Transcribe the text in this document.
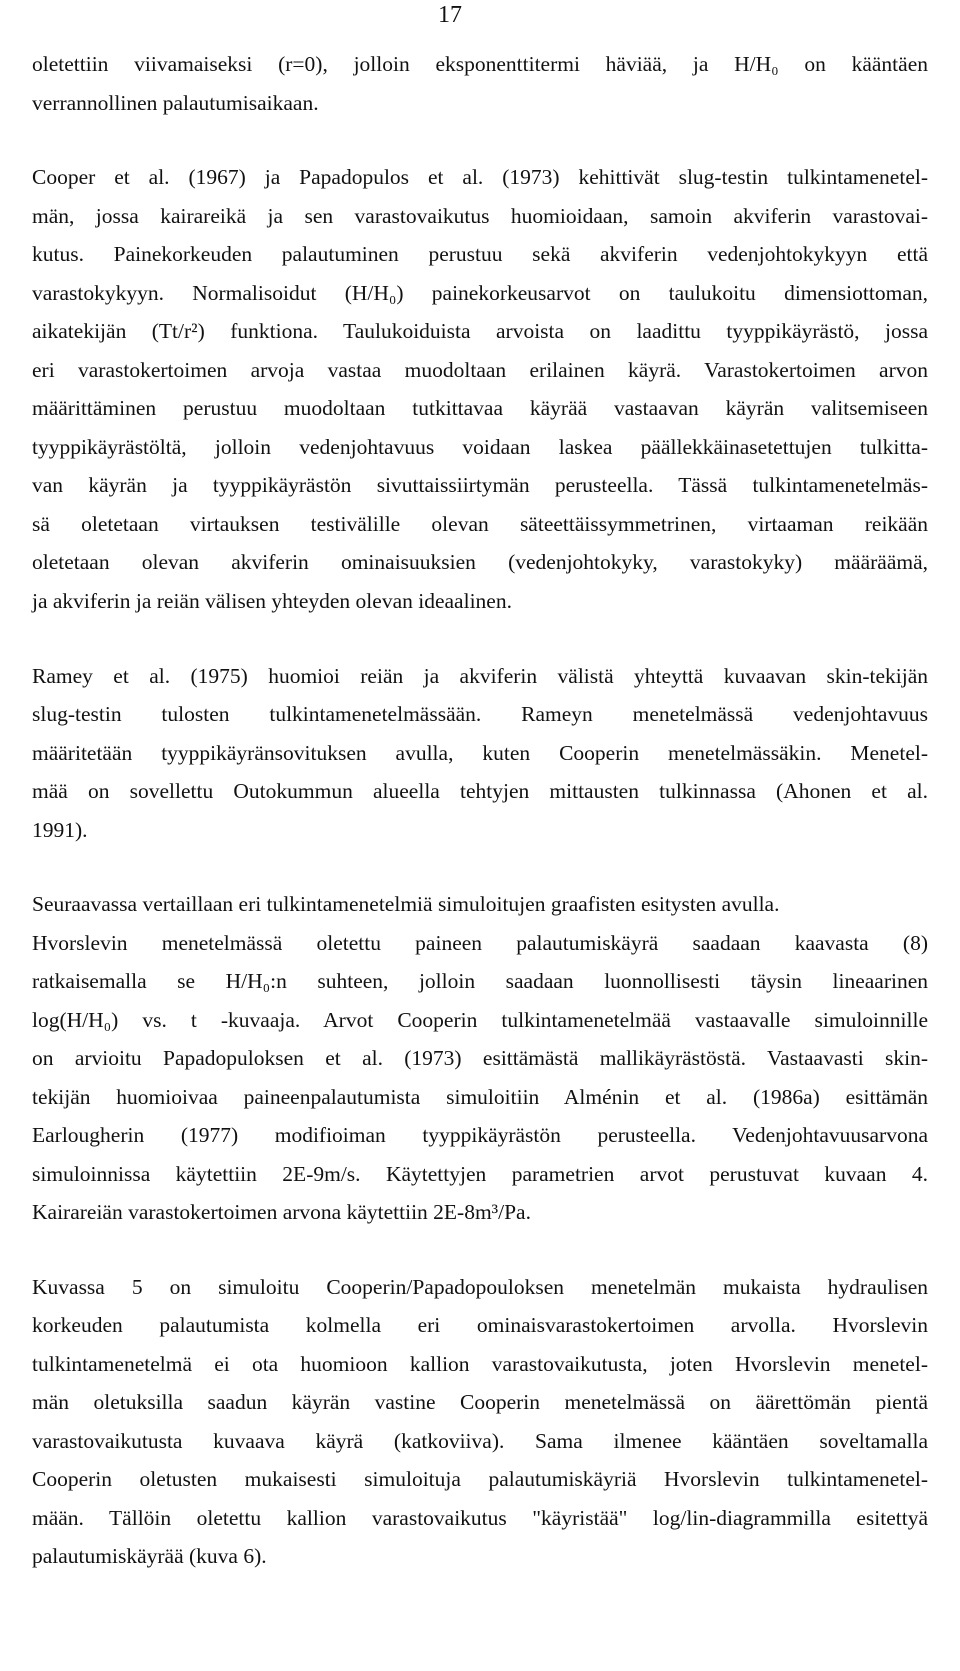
17
oletettiin viivamaiseksi (r=0), jolloin eksponenttitermi häviää, ja H/H₀ on kääntäen
verrannollinen palautumisaikaan.
Cooper et al. (1967) ja Papadopulos et al. (1973) kehittivät slug-testin tulkintamenetel-
män, jossa kairareikä ja sen varastovaikutus huomioidaan, samoin akviferin varastovai-
kutus. Painekorkeuden palautuminen perustuu sekä akviferin vedenjohtokykyyn että
varastokykyyn. Normalisoidut (H/H₀) painekorkeusarvot on taulukoitu dimensiottoman,
aikatekijän (Tt/r²) funktiona. Taulukoiduista arvoista on laadittu tyyppikäyrästö, jossa
eri varastokertoimen arvoja vastaa muodoltaan erilainen käyrä. Varastokertoimen arvon
määrittäminen perustuu muodoltaan tutkittavaa käyrää vastaavan käyrän valitsemiseen
tyyppikäyrästöltä, jolloin vedenjohtavuus voidaan laskea päällekkäinasetettujen tulkitta-
van käyrän ja tyyppikäyrästön sivuttaissiirtymän perusteella. Tässä tulkintamenetelmäs-
sä oletetaan virtauksen testivälille olevan säteettäissymmetrinen, virtaaman reikään
oletetaan olevan akviferin ominaisuuksien (vedenjohtokyky, varastokyky) määräämä,
ja akviferin ja reiän välisen yhteyden olevan ideaalinen.
Ramey et al. (1975) huomioi reiän ja akviferin välistä yhteyttä kuvaavan skin-tekijän
slug-testin tulosten tulkintamenetelmässään. Rameyn menetelmässä vedenjohtavuus
määritetään tyyppikäyränsovituksen avulla, kuten Cooperin menetelmässäkin. Menetel-
mää on sovellettu Outokummun alueella tehtyjen mittausten tulkinnassa (Ahonen et al.
1991).
Seuraavassa vertaillaan eri tulkintamenetelmiä simuloitujen graafisten esitysten avulla.
Hvorslevin menetelmässä oletettu paineen palautumiskäyrä saadaan kaavasta (8)
ratkaisemalla se H/H₀:n suhteen, jolloin saadaan luonnollisesti täysin lineaarinen
log(H/H₀) vs. t -kuvaaja. Arvot Cooperin tulkintamenetelmää vastaavalle simuloinnille
on arvioitu Papadopuloksen et al. (1973) esittämästä mallikäyrästöstä. Vastaavasti skin-
tekijän huomioivaa paineenpalautumista simuloitiin Alménin et al. (1986a) esittämän
Earlougherin (1977) modifioiman tyyppikäyrästön perusteella. Vedenjohtavuusarvona
simuloinnissa käytettiin 2E-9m/s. Käytettyjen parametrien arvot perustuvat kuvaan 4.
Kairareiän varastokertoimen arvona käytettiin 2E-8m³/Pa.
Kuvassa 5 on simuloitu Cooperin/Papadopouloksen menetelmän mukaista hydraulisen
korkeuden palautumista kolmella eri ominaisvarastokertoimen arvolla. Hvorslevin
tulkintamenetelmä ei ota huomioon kallion varastovaikutusta, joten Hvorslevin menetel-
män oletuksilla saadun käyrän vastine Cooperin menetelmässä on äärettömän pientä
varastovaikutusta kuvaava käyrä (katkoviiva). Sama ilmenee kääntäen soveltamalla
Cooperin oletusten mukaisesti simuloituja palautumiskäyriä Hvorslevin tulkintamenetel-
mään. Tällöin oletettu kallion varastovaikutus "käyristää" log/lin-diagrammilla esitettyä
palautumiskäyrää (kuva 6).
